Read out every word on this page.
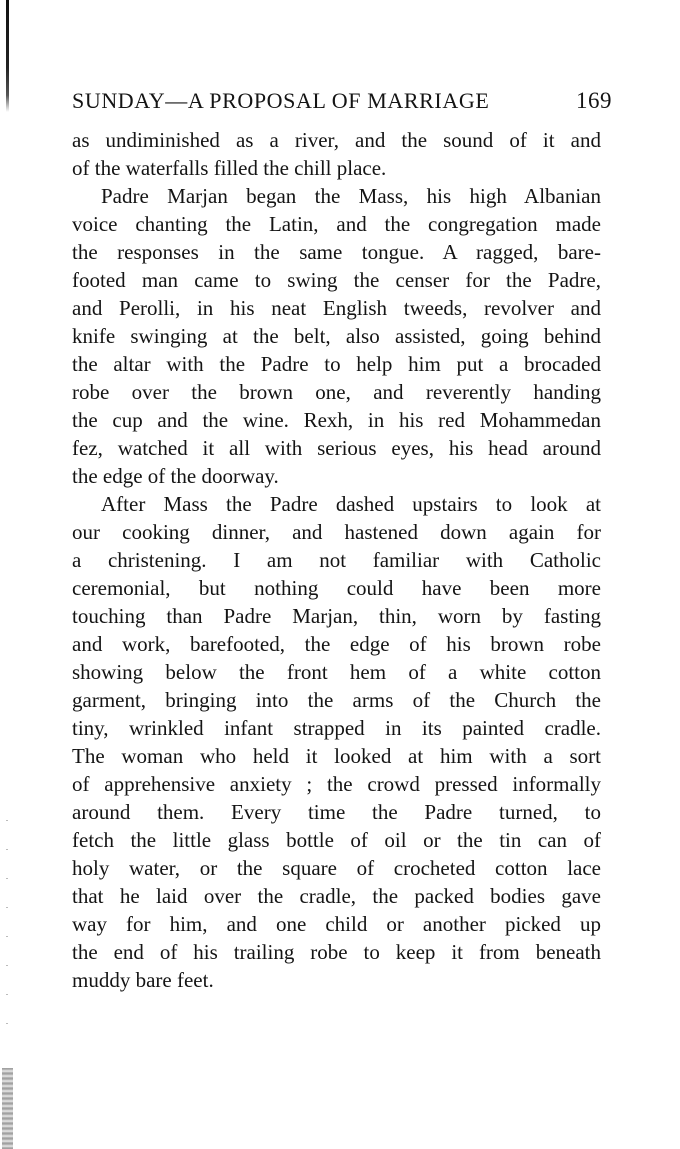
SUNDAY—A PROPOSAL OF MARRIAGE	169
as undiminished as a river, and the sound of it and
of the waterfalls filled the chill place.
Padre Marjan began the Mass, his high Albanian
voice chanting the Latin, and the congregation made
the responses in the same tongue. A ragged, bare-
footed man came to swing the censer for the Padre,
and Perolli, in his neat English tweeds, revolver and
knife swinging at the belt, also assisted, going behind
the altar with the Padre to help him put a brocaded
robe over the brown one, and reverently handing
the cup and the wine. Rexh, in his red Mohammedan
fez, watched it all with serious eyes, his head around
the edge of the doorway.
After Mass the Padre dashed upstairs to look at
our cooking dinner, and hastened down again for
a christening. I am not familiar with Catholic
ceremonial, but nothing could have been more
touching than Padre Marjan, thin, worn by fasting
and work, barefooted, the edge of his brown robe
showing below the front hem of a white cotton
garment, bringing into the arms of the Church the
tiny, wrinkled infant strapped in its painted cradle.
The woman who held it looked at him with a sort
of apprehensive anxiety ; the crowd pressed informally
around them. Every time the Padre turned, to
fetch the little glass bottle of oil or the tin can of
holy water, or the square of crocheted cotton lace
that he laid over the cradle, the packed bodies gave
way for him, and one child or another picked up
the end of his trailing robe to keep it from beneath
muddy bare feet.
